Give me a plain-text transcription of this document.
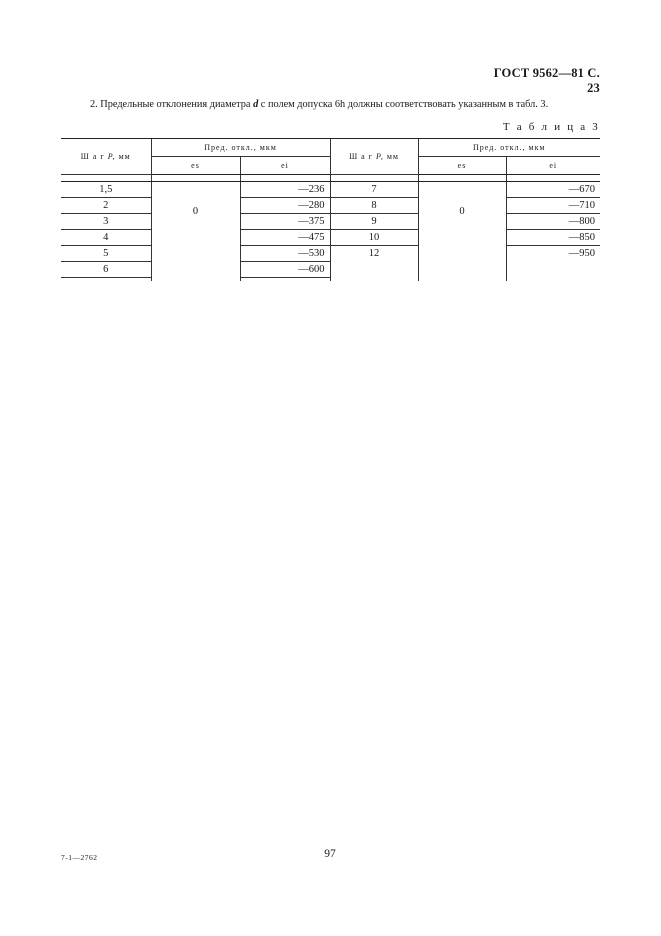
ГОСТ 9562—81 С. 23
2. Предельные отклонения диаметра d с полем допуска 6h должны соответствовать указанным в табл. 3.
Т а б л и ц а 3
Ш а г P, мм	Пред. откл., мкм		Ш а г P, мм	Пред. откл., мкм	
	es	ei		es	ei

1,5	0	—236	7	0	—670
2		—280	8		—710
3		—375	9		—800
4		—475	10		—850
5		—530	12		—950
6		—600			

7-1—2762	97
